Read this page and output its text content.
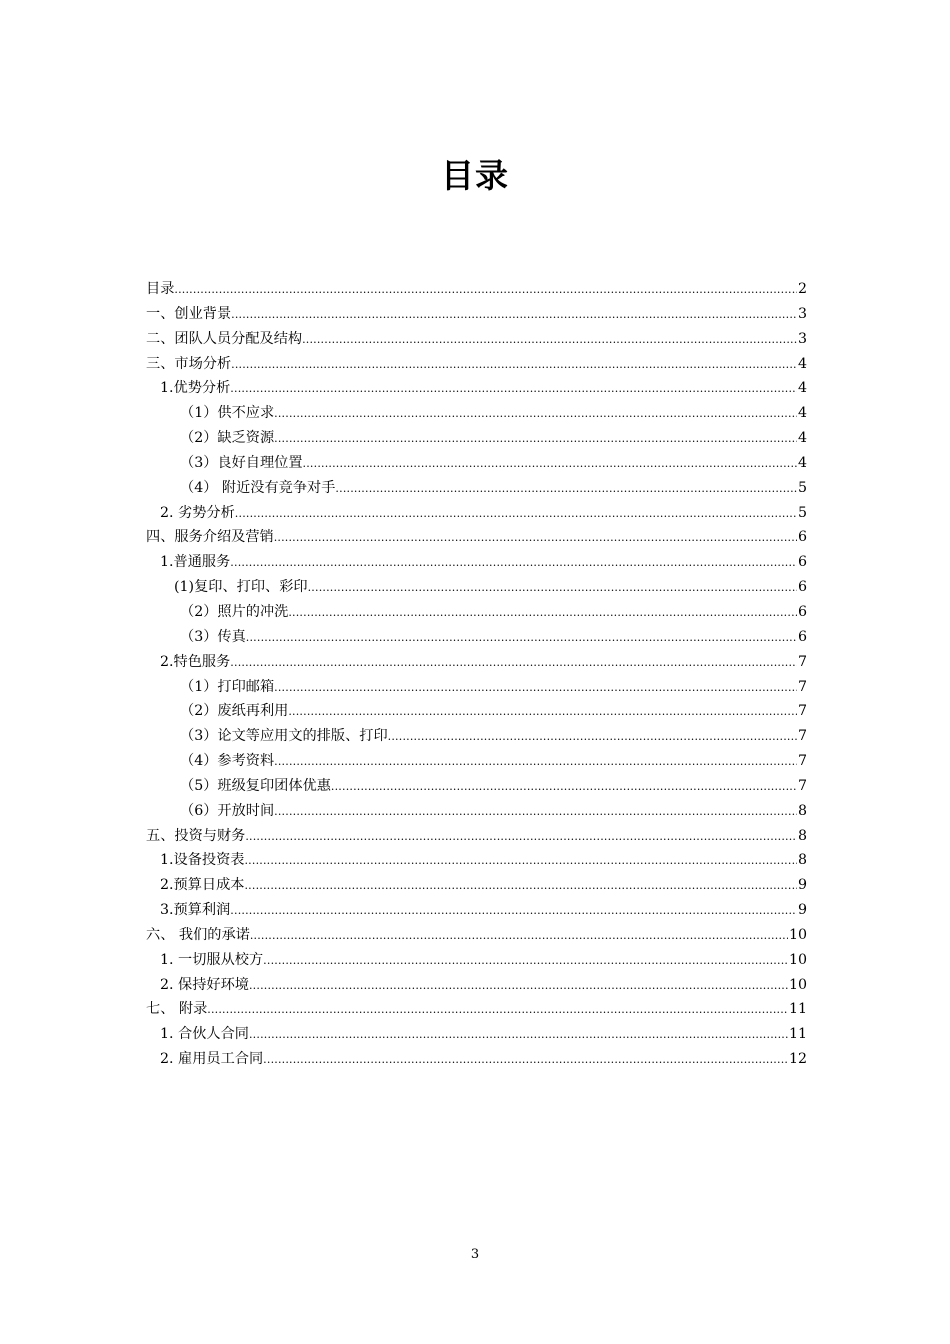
目录
目录 .....	2
一、创业背景 .....	3
二、团队人员分配及结构 .....	3
三、市场分析 .....	4
1.优势分析 .....	4
（1）供不应求 .....	4
（2）缺乏资源 .....	4
（3）良好自理位置 .....	4
（4） 附近没有竞争对手 .....	5
2. 劣势分析 .....	5
四、服务介绍及营销 .....	6
1.普通服务 .....	6
(1)复印、打印、彩印 .....	6
（2）照片的冲洗 .....	6
（3）传真 .....	6
2.特色服务 .....	7
（1）打印邮箱 .....	7
（2）废纸再利用 .....	7
（3）论文等应用文的排版、打印 .....	7
（4）参考资料 .....	7
（5）班级复印团体优惠 .....	7
（6）开放时间 .....	8
五、投资与财务 .....	8
1.设备投资表 .....	8
2.预算日成本 .....	9
3.预算利润 .....	9
六、 我们的承诺 .....	10
1. 一切服从校方 .....	10
2. 保持好环境 .....	10
七、 附录 .....	11
1. 合伙人合同 .....	11
2. 雇用员工合同 .....	12
3
